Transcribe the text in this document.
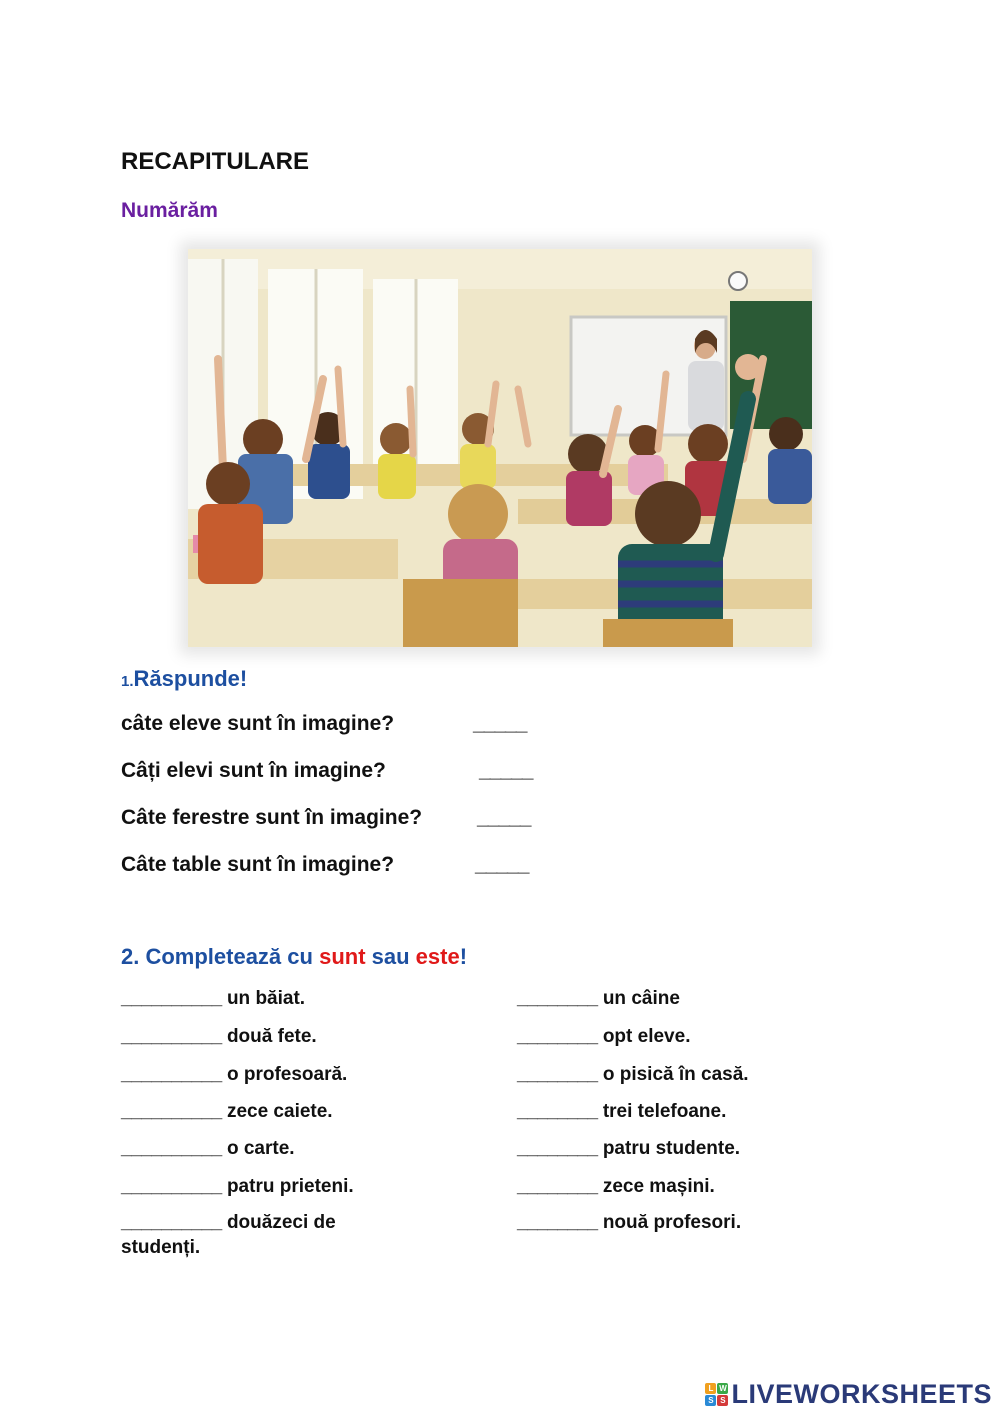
RECAPITULARE
Numărăm
1.Răspunde!
câte eleve sunt în imagine?	_____
Câți elevi sunt în imagine?	_____
Câte ferestre sunt în imagine?	_____
Câte table sunt în imagine?	_____
2. Completează cu sunt sau este!
__________ un băiat.
__________ două fete.
__________ o profesoară.
__________ zece caiete.
__________ o carte.
__________ patru prieteni.
__________ douăzeci de
studenți.
________ un câine
________ opt eleve.
________ o pisică în casă.
________ trei telefoane.
________ patru studente.
________ zece mașini.
________ nouă profesori.
L W
S S LIVEWORKSHEETS
